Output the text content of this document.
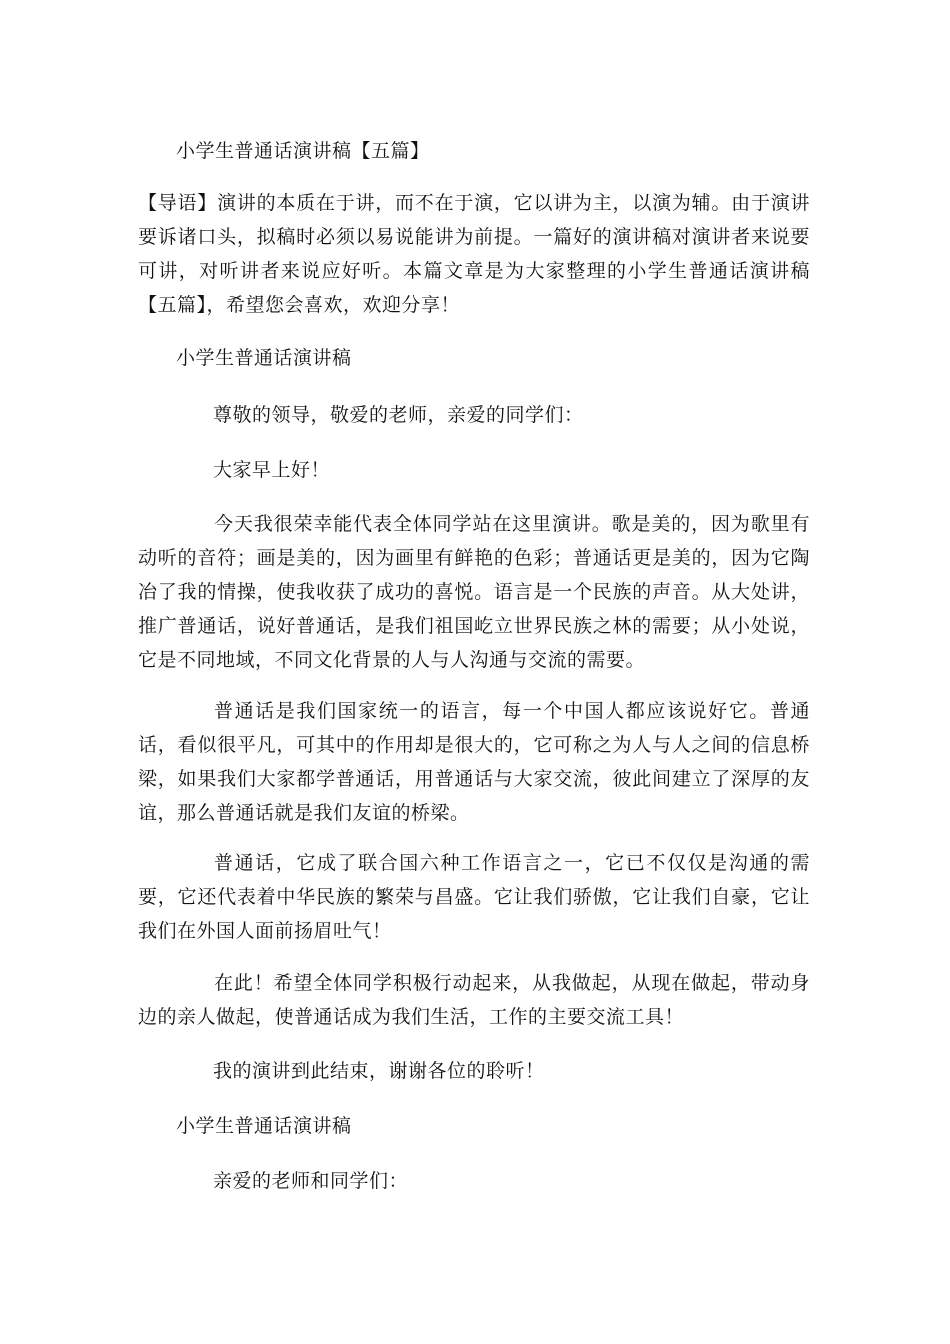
小学生普通话演讲稿【五篇】
【导语】演讲的本质在于讲，而不在于演，它以讲为主，以演为辅。由于演讲要诉诸口头，拟稿时必须以易说能讲为前提。一篇好的演讲稿对演讲者来说要可讲，对听讲者来说应好听。本篇文章是为大家整理的小学生普通话演讲稿【五篇】，希望您会喜欢，欢迎分享！
小学生普通话演讲稿
尊敬的领导，敬爱的老师，亲爱的同学们：
大家早上好！
今天我很荣幸能代表全体同学站在这里演讲。歌是美的，因为歌里有动听的音符；画是美的，因为画里有鲜艳的色彩；普通话更是美的，因为它陶冶了我的情操，使我收获了成功的喜悦。语言是一个民族的声音。从大处讲，推广普通话，说好普通话，是我们祖国屹立世界民族之林的需要；从小处说，它是不同地域，不同文化背景的人与人沟通与交流的需要。
普通话是我们国家统一的语言，每一个中国人都应该说好它。普通话，看似很平凡，可其中的作用却是很大的，它可称之为人与人之间的信息桥梁，如果我们大家都学普通话，用普通话与大家交流，彼此间建立了深厚的友谊，那么普通话就是我们友谊的桥梁。
普通话，它成了联合国六种工作语言之一，它已不仅仅是沟通的需要，它还代表着中华民族的繁荣与昌盛。它让我们骄傲，它让我们自豪，它让我们在外国人面前扬眉吐气！
在此！希望全体同学积极行动起来，从我做起，从现在做起，带动身边的亲人做起，使普通话成为我们生活，工作的主要交流工具！
我的演讲到此结束，谢谢各位的聆听！
小学生普通话演讲稿
亲爱的老师和同学们：
